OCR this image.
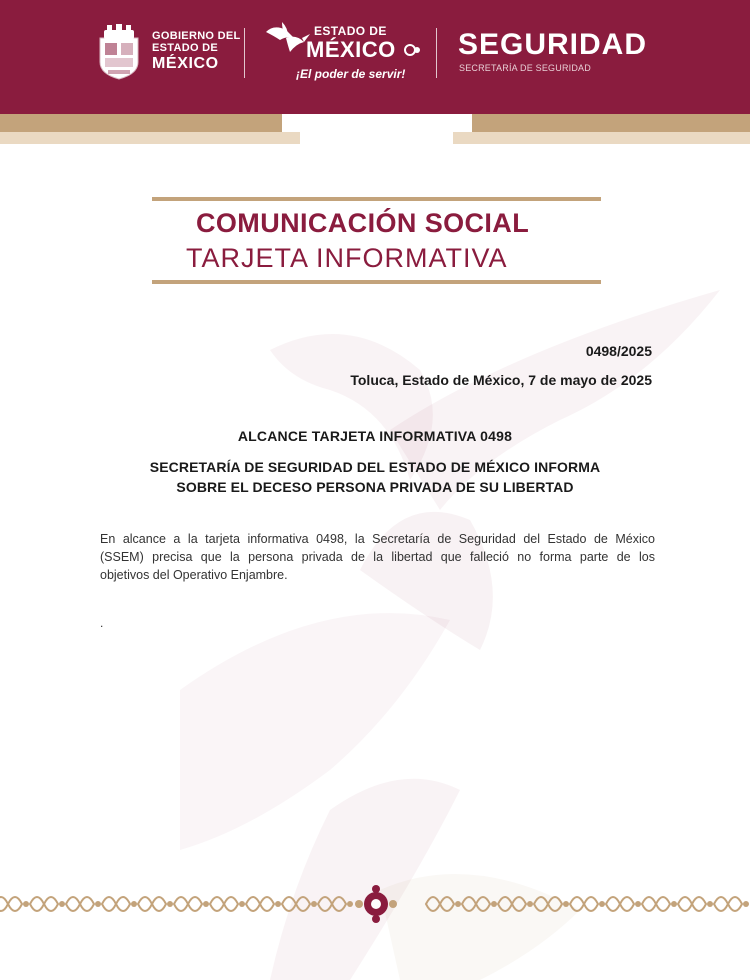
GOBIERNO DEL
ESTADO DE
MÉXICO
ESTADO DE
MÉXICO
¡El poder de servir!
SEGURIDAD
SECRETARÍA DE SEGURIDAD
COMUNICACIÓN SOCIAL
TARJETA INFORMATIVA
0498/2025
Toluca, Estado de México, 7 de mayo de 2025
ALCANCE TARJETA INFORMATIVA 0498
SECRETARÍA DE SEGURIDAD DEL ESTADO DE MÉXICO INFORMA
SOBRE EL DECESO PERSONA PRIVADA DE SU LIBERTAD
En alcance a la tarjeta informativa 0498, la Secretaría de Seguridad del Estado de México
(SSEM) precisa que la persona privada de la libertad que falleció no forma parte de los
objetivos del Operativo Enjambre.
.
